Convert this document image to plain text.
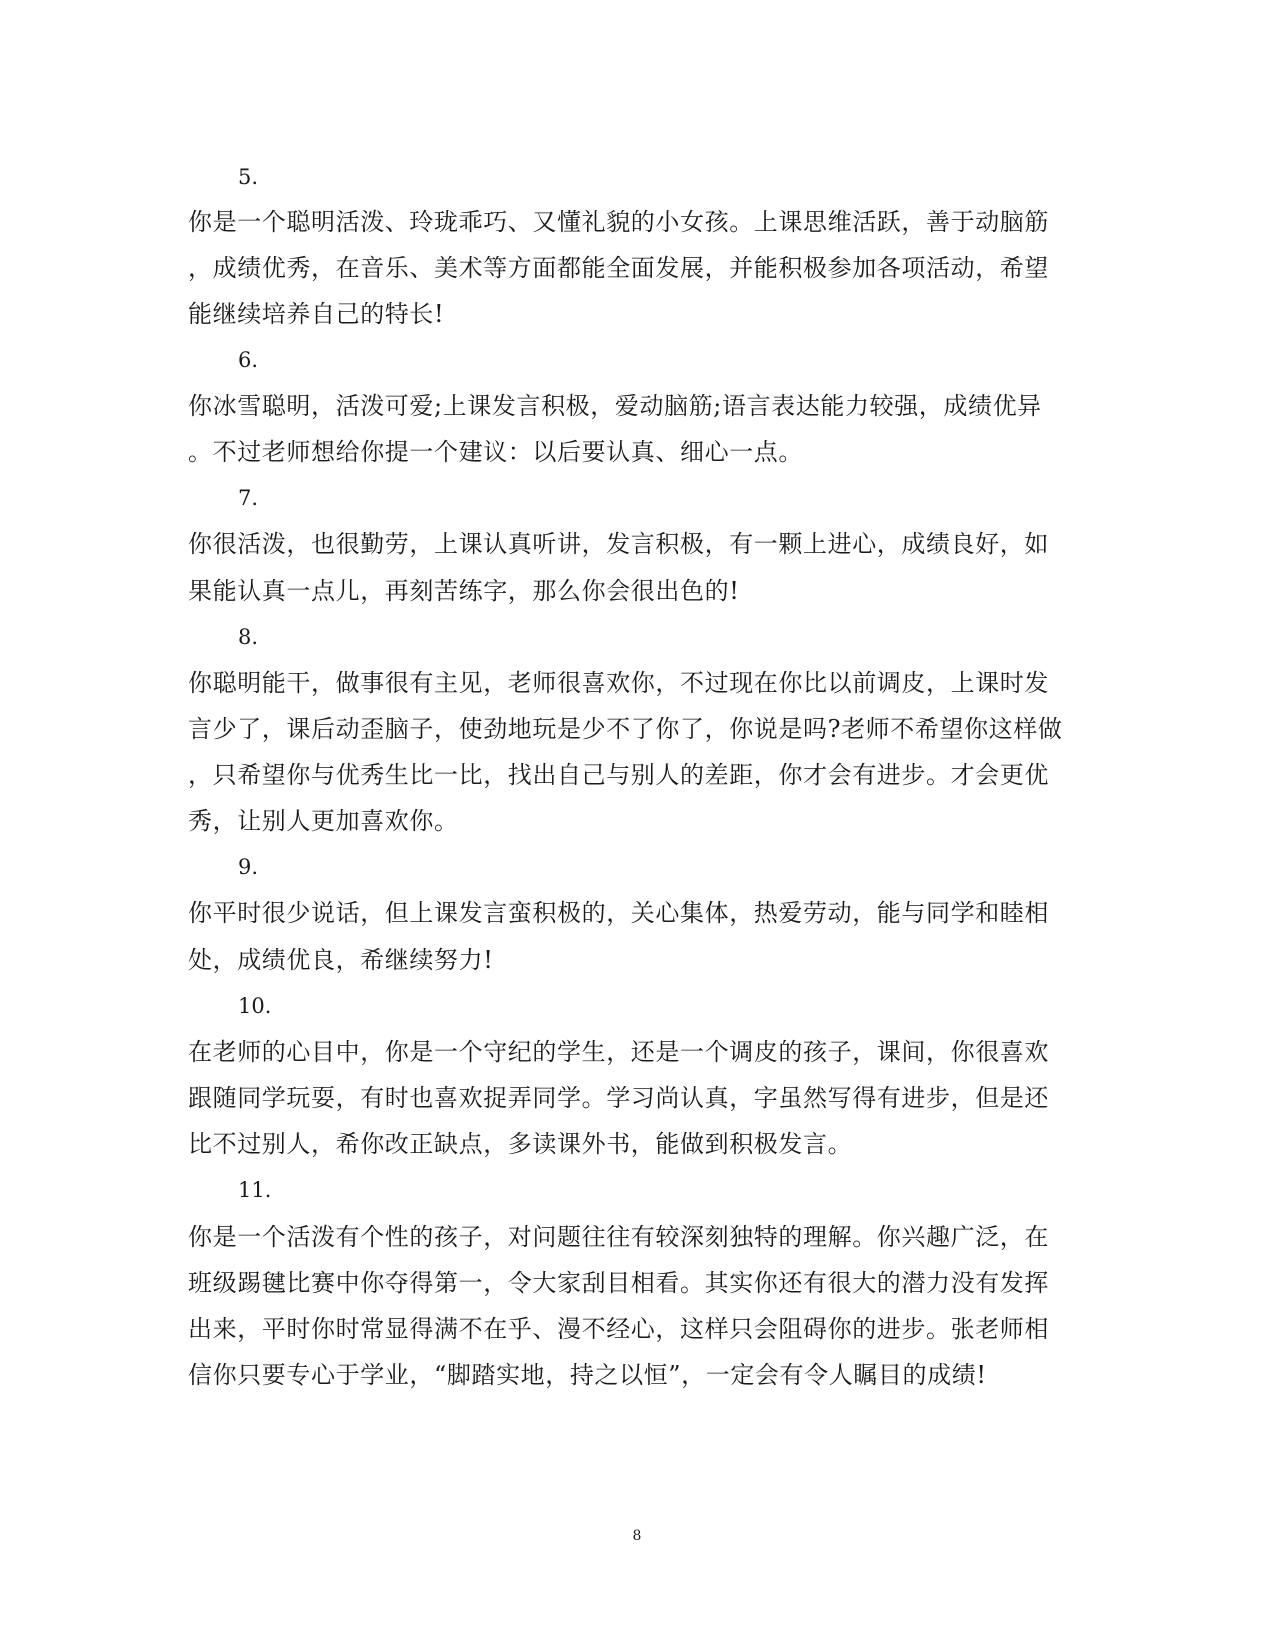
5.
你是一个聪明活泼、玲珑乖巧、又懂礼貌的小女孩。上课思维活跃，善于动脑筋
，成绩优秀，在音乐、美术等方面都能全面发展，并能积极参加各项活动，希望
能继续培养自己的特长!
6.
你冰雪聪明，活泼可爱;上课发言积极，爱动脑筋;语言表达能力较强，成绩优异
。不过老师想给你提一个建议：以后要认真、细心一点。
7.
你很活泼，也很勤劳，上课认真听讲，发言积极，有一颗上进心，成绩良好，如
果能认真一点儿，再刻苦练字，那么你会很出色的!
8.
你聪明能干，做事很有主见，老师很喜欢你，不过现在你比以前调皮，上课时发
言少了，课后动歪脑子，使劲地玩是少不了你了，你说是吗?老师不希望你这样做
，只希望你与优秀生比一比，找出自己与别人的差距，你才会有进步。才会更优
秀，让别人更加喜欢你。
9.
你平时很少说话，但上课发言蛮积极的，关心集体，热爱劳动，能与同学和睦相
处，成绩优良，希继续努力!
10.
在老师的心目中，你是一个守纪的学生，还是一个调皮的孩子，课间，你很喜欢
跟随同学玩耍，有时也喜欢捉弄同学。学习尚认真，字虽然写得有进步，但是还
比不过别人，希你改正缺点，多读课外书，能做到积极发言。
11.
你是一个活泼有个性的孩子，对问题往往有较深刻独特的理解。你兴趣广泛，在
班级踢毽比赛中你夺得第一，令大家刮目相看。其实你还有很大的潜力没有发挥
出来，平时你时常显得满不在乎、漫不经心，这样只会阻碍你的进步。张老师相
信你只要专心于学业，“脚踏实地，持之以恒”，一定会有令人瞩目的成绩!
8
